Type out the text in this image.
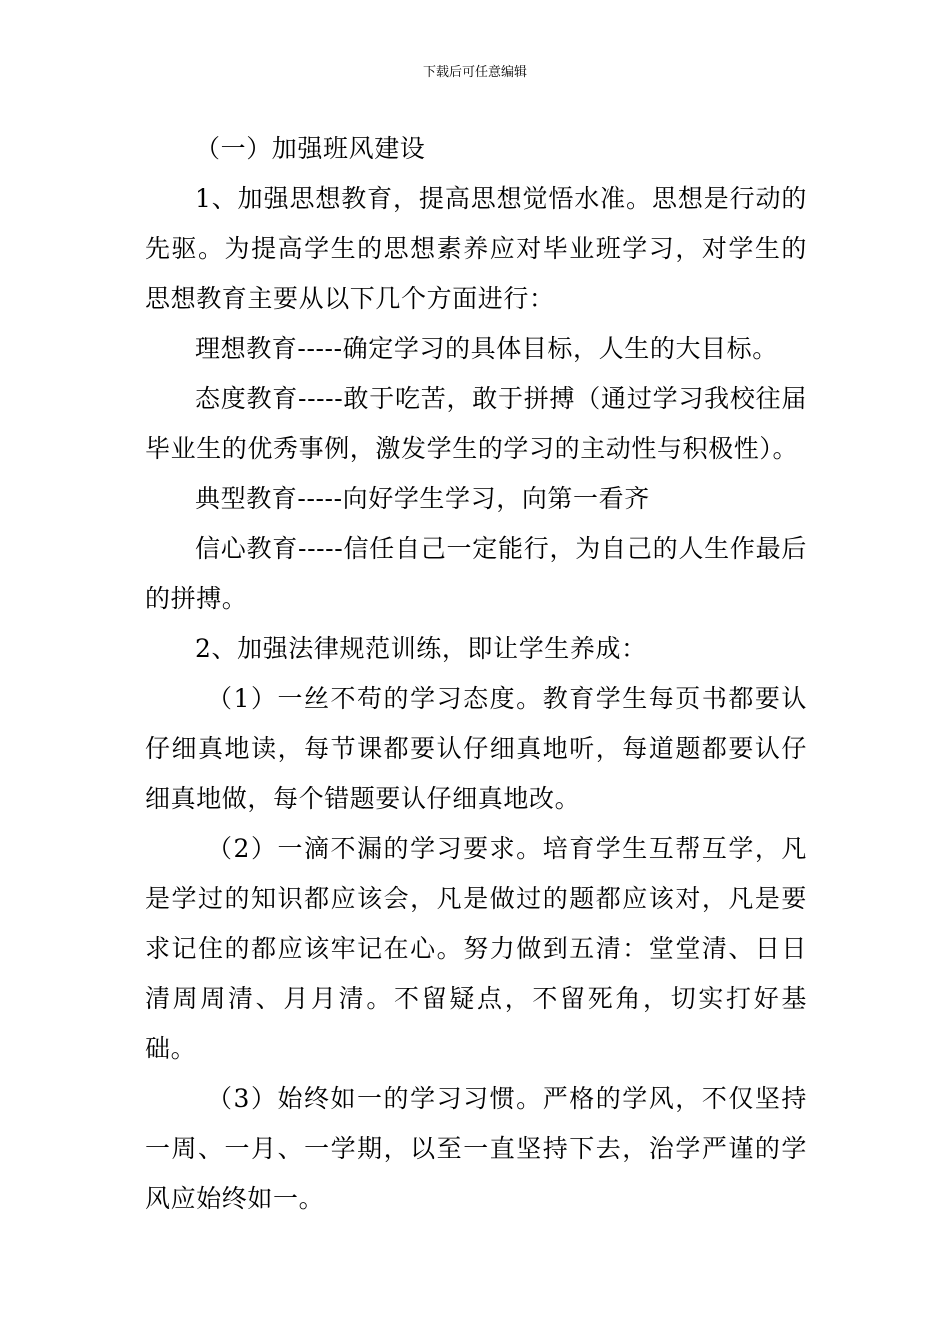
下载后可任意编辑

（一）加强班风建设

1、加强思想教育，提高思想觉悟水准。思想是行动的先驱。为提高学生的思想素养应对毕业班学习，对学生的思想教育主要从以下几个方面进行：

理想教育-----确定学习的具体目标，人生的大目标。

态度教育-----敢于吃苦，敢于拼搏（通过学习我校往届毕业生的优秀事例，激发学生的学习的主动性与积极性）。

典型教育-----向好学生学习，向第一看齐

信心教育-----信任自己一定能行，为自己的人生作最后的拼搏。

2、加强法律规范训练，即让学生养成：

（1）一丝不苟的学习态度。教育学生每页书都要认仔细真地读，每节课都要认仔细真地听，每道题都要认仔细真地做，每个错题要认仔细真地改。

（2）一滴不漏的学习要求。培育学生互帮互学，凡是学过的知识都应该会，凡是做过的题都应该对，凡是要求记住的都应该牢记在心。努力做到五清：堂堂清、日日清周周清、月月清。不留疑点，不留死角，切实打好基础。

（3）始终如一的学习习惯。严格的学风，不仅坚持一周、一月、一学期，以至一直坚持下去，治学严谨的学风应始终如一。
